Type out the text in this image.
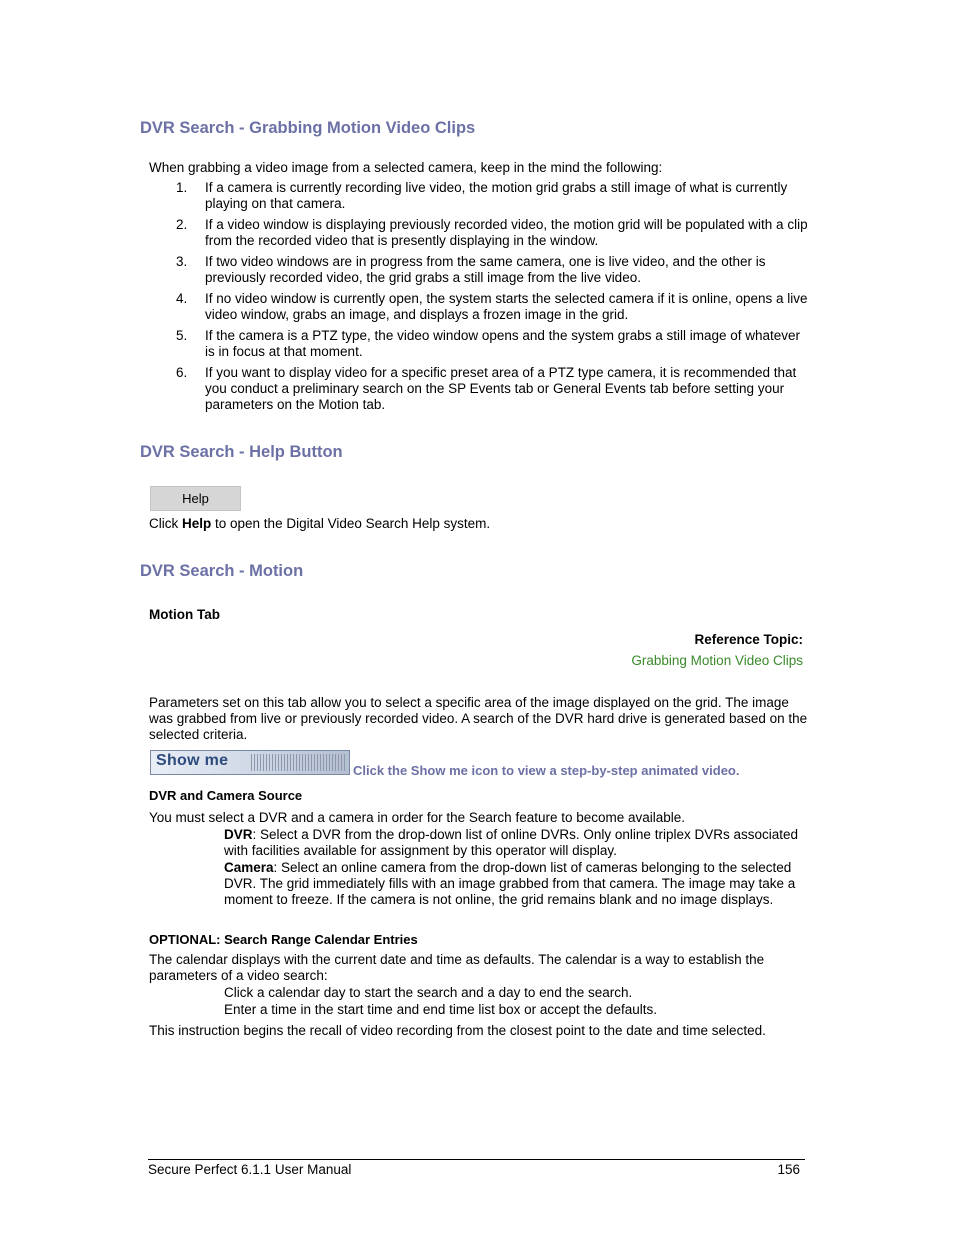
DVR Search - Grabbing Motion Video Clips
When grabbing a video image from a selected camera, keep in the mind the following:
1. If a camera is currently recording live video, the motion grid grabs a still image of what is currently playing on that camera.
2. If a video window is displaying previously recorded video, the motion grid will be populated with a clip from the recorded video that is presently displaying in the window.
3. If two video windows are in progress from the same camera, one is live video, and the other is previously recorded video, the grid grabs a still image from the live video.
4. If no video window is currently open, the system starts the selected camera if it is online, opens a live video window, grabs an image, and displays a frozen image in the grid.
5. If the camera is a PTZ type, the video window opens and the system grabs a still image of whatever is in focus at that moment.
6. If you want to display video for a specific preset area of a PTZ type camera, it is recommended that you conduct a preliminary search on the SP Events tab or General Events tab before setting your parameters on the Motion tab.
DVR Search - Help Button
Help
Click Help to open the Digital Video Search Help system.
DVR Search - Motion
Motion Tab
Reference Topic:
Grabbing Motion Video Clips
Parameters set on this tab allow you to select a specific area of the image displayed on the grid. The image was grabbed from live or previously recorded video. A search of the DVR hard drive is generated based on the selected criteria.
Show me
Click the Show me icon to view a step-by-step animated video.
DVR and Camera Source
You must select a DVR and a camera in order for the Search feature to become available.
DVR: Select a DVR from the drop-down list of online DVRs. Only online triplex DVRs associated with facilities available for assignment by this operator will display.
Camera: Select an online camera from the drop-down list of cameras belonging to the selected DVR. The grid immediately fills with an image grabbed from that camera. The image may take a moment to freeze. If the camera is not online, the grid remains blank and no image displays.
OPTIONAL: Search Range Calendar Entries
The calendar displays with the current date and time as defaults. The calendar is a way to establish the parameters of a video search:
Click a calendar day to start the search and a day to end the search.
Enter a time in the start time and end time list box or accept the defaults.
This instruction begins the recall of video recording from the closest point to the date and time selected.
Secure Perfect 6.1.1 User Manual	156
